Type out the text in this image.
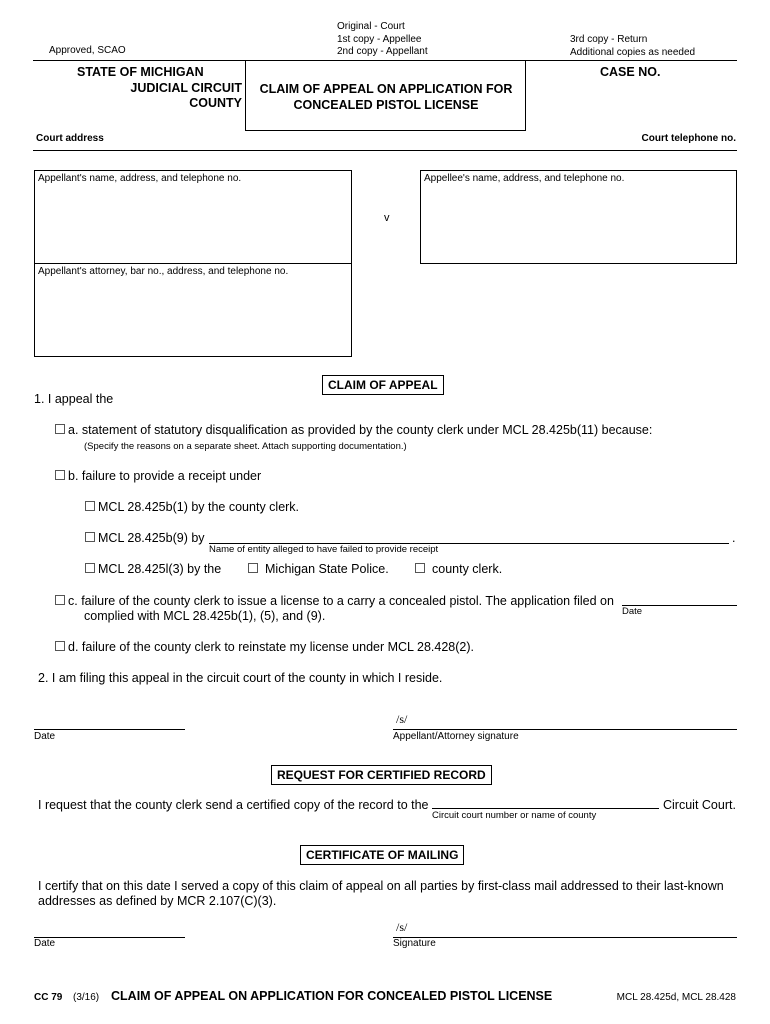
Approved, SCAO
Original - Court
1st copy - Appellee
2nd copy - Appellant
3rd copy - Return
Additional copies as needed
STATE OF MICHIGAN
JUDICIAL CIRCUIT
COUNTY
CLAIM OF APPEAL ON APPLICATION FOR
CONCEALED PISTOL LICENSE
CASE NO.
Court address	Court telephone no.
Appellant's name, address, and telephone no.
Appellant's attorney, bar no., address, and telephone no.
v
Appellee's name, address, and telephone no.
CLAIM OF APPEAL
1. I appeal the
a. statement of statutory disqualification as provided by the county clerk under MCL 28.425b(11) because:
(Specify the reasons on a separate sheet. Attach supporting documentation.)
b. failure to provide a receipt under
MCL 28.425b(1) by the county clerk.
MCL 28.425b(9) by	.
Name of entity alleged to have failed to provide receipt
MCL 28.425l(3) by the	Michigan State Police.	county clerk.
c. failure of the county clerk to issue a license to a carry a concealed pistol. The application filed on
Date
complied with MCL 28.425b(1), (5), and (9).
d. failure of the county clerk to reinstate my license under MCL 28.428(2).
2. I am filing this appeal in the circuit court of the county in which I reside.
Date
/s/
Appellant/Attorney signature
REQUEST FOR CERTIFIED RECORD
I request that the county clerk send a certified copy of the record to the	Circuit Court.
Circuit court number or name of county
CERTIFICATE OF MAILING
I certify that on this date I served a copy of this claim of appeal on all parties by first-class mail addressed to their last-known
addresses as defined by MCR 2.107(C)(3).
Date
/s/
Signature
CC 79 (3/16) CLAIM OF APPEAL ON APPLICATION FOR CONCEALED PISTOL LICENSE	MCL 28.425d, MCL 28.428
